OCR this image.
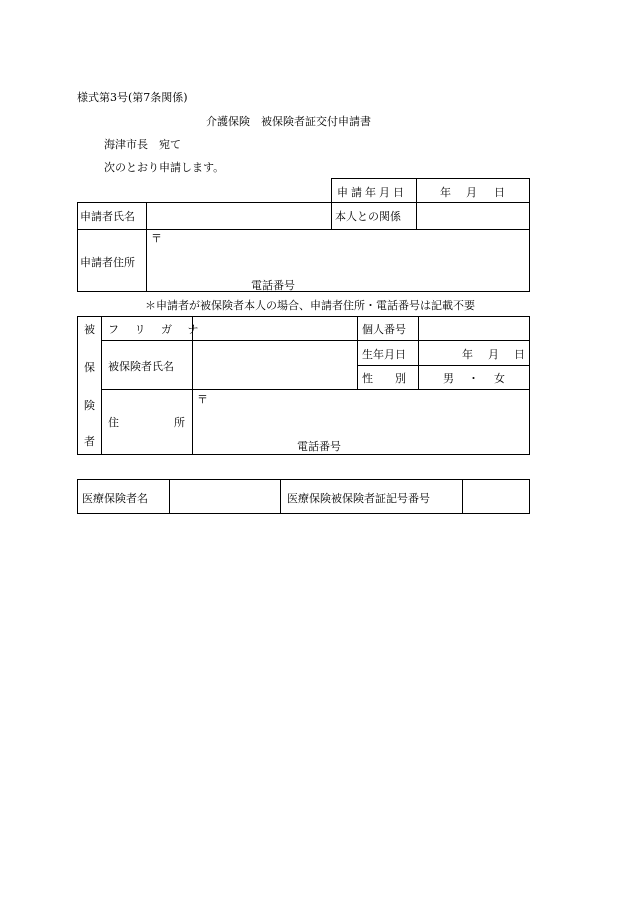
様式第3号(第7条関係)
介護保険　被保険者証交付申請書
海津市長　宛て
次のとおり申請します。
申請年月日	年 月 日
申請者氏名	本人との関係
申請者住所
〒
電話番号
＊申請者が被保険者本人の場合、申請者住所・電話番号は記載不要
被
保
険
者
フ リ ガ ナ	個人番号
被保険者氏名
生年月日	年 月 日
性　　別	男 ・ 女
住	所
〒
電話番号
医療保険者名	医療保険被保険者証記号番号
